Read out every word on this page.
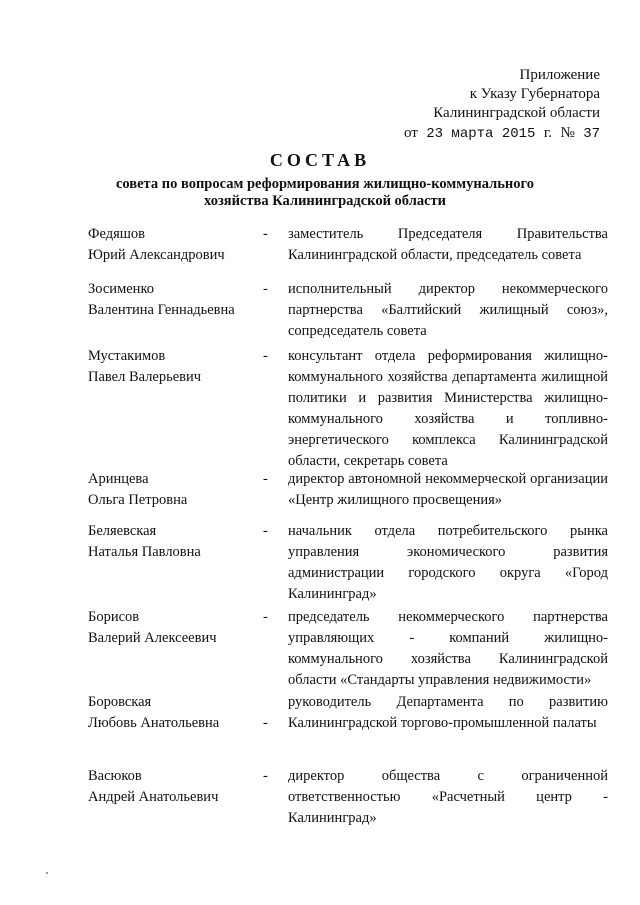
Приложение
к Указу Губернатора
Калининградской области
от 23 марта 2015 г. № 37
СОСТАВ
совета по вопросам реформирования жилищно-коммунального хозяйства Калининградской области
Федяшов
Юрий Александрович
- заместитель Председателя Правительства Калининградской области, председатель совета
Зосименко
Валентина Геннадьевна
- исполнительный директор некоммерческого партнерства «Балтийский жилищный союз», сопредседатель совета
Мустакимов
Павел Валерьевич
- консультант отдела реформирования жилищно-коммунального хозяйства департамента жилищной политики и развития Министерства жилищно-коммунального хозяйства и топливно-энергетического комплекса Калининградской области, секретарь совета
Аринцева
Ольга Петровна
- директор автономной некоммерческой организации «Центр жилищного просвещения»
Беляевская
Наталья Павловна
- начальник отдела потребительского рынка управления экономического развития администрации городского округа «Город Калининград»
Борисов
Валерий Алексеевич
- председатель некоммерческого партнерства управляющих - компаний жилищно-коммунального хозяйства Калининградской области «Стандарты управления недвижимости»
Боровская
Любовь Анатольевна	-
руководитель Департамента по развитию Калининградской торгово-промышленной палаты
Васюков
Андрей Анатольевич
- директор общества с ограниченной ответственностью «Расчетный центр - Калининград»
